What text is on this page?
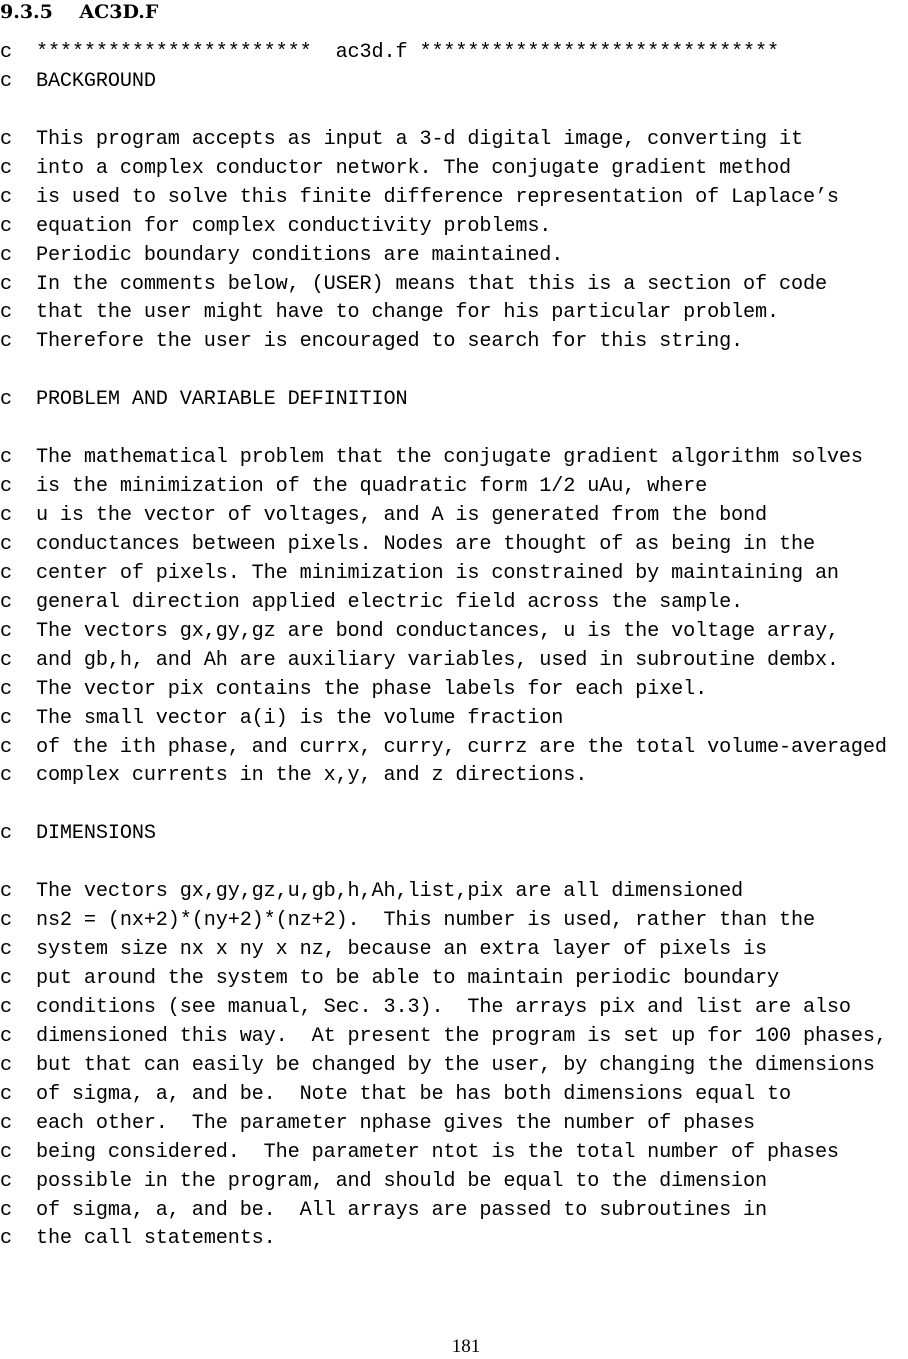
9.3.5 AC3D.F
c  ***********************  ac3d.f ******************************
c  BACKGROUND
c  This program accepts as input a 3-d digital image, converting it
c  into a complex conductor network. The conjugate gradient method
c  is used to solve this finite difference representation of Laplace’s
c  equation for complex conductivity problems.
c  Periodic boundary conditions are maintained.
c  In the comments below, (USER) means that this is a section of code
c  that the user might have to change for his particular problem.
c  Therefore the user is encouraged to search for this string.
c  PROBLEM AND VARIABLE DEFINITION
c  The mathematical problem that the conjugate gradient algorithm solves
c  is the minimization of the quadratic form 1/2 uAu, where
c  u is the vector of voltages, and A is generated from the bond
c  conductances between pixels. Nodes are thought of as being in the
c  center of pixels. The minimization is constrained by maintaining an
c  general direction applied electric field across the sample.
c  The vectors gx,gy,gz are bond conductances, u is the voltage array,
c  and gb,h, and Ah are auxiliary variables, used in subroutine dembx.
c  The vector pix contains the phase labels for each pixel.
c  The small vector a(i) is the volume fraction
c  of the ith phase, and currx, curry, currz are the total volume-averaged
c  complex currents in the x,y, and z directions.
c  DIMENSIONS
c  The vectors gx,gy,gz,u,gb,h,Ah,list,pix are all dimensioned
c  ns2 = (nx+2)*(ny+2)*(nz+2).  This number is used, rather than the
c  system size nx x ny x nz, because an extra layer of pixels is
c  put around the system to be able to maintain periodic boundary
c  conditions (see manual, Sec. 3.3).  The arrays pix and list are also
c  dimensioned this way.  At present the program is set up for 100 phases,
c  but that can easily be changed by the user, by changing the dimensions
c  of sigma, a, and be.  Note that be has both dimensions equal to
c  each other.  The parameter nphase gives the number of phases
c  being considered.  The parameter ntot is the total number of phases
c  possible in the program, and should be equal to the dimension
c  of sigma, a, and be.  All arrays are passed to subroutines in
c  the call statements.
181
